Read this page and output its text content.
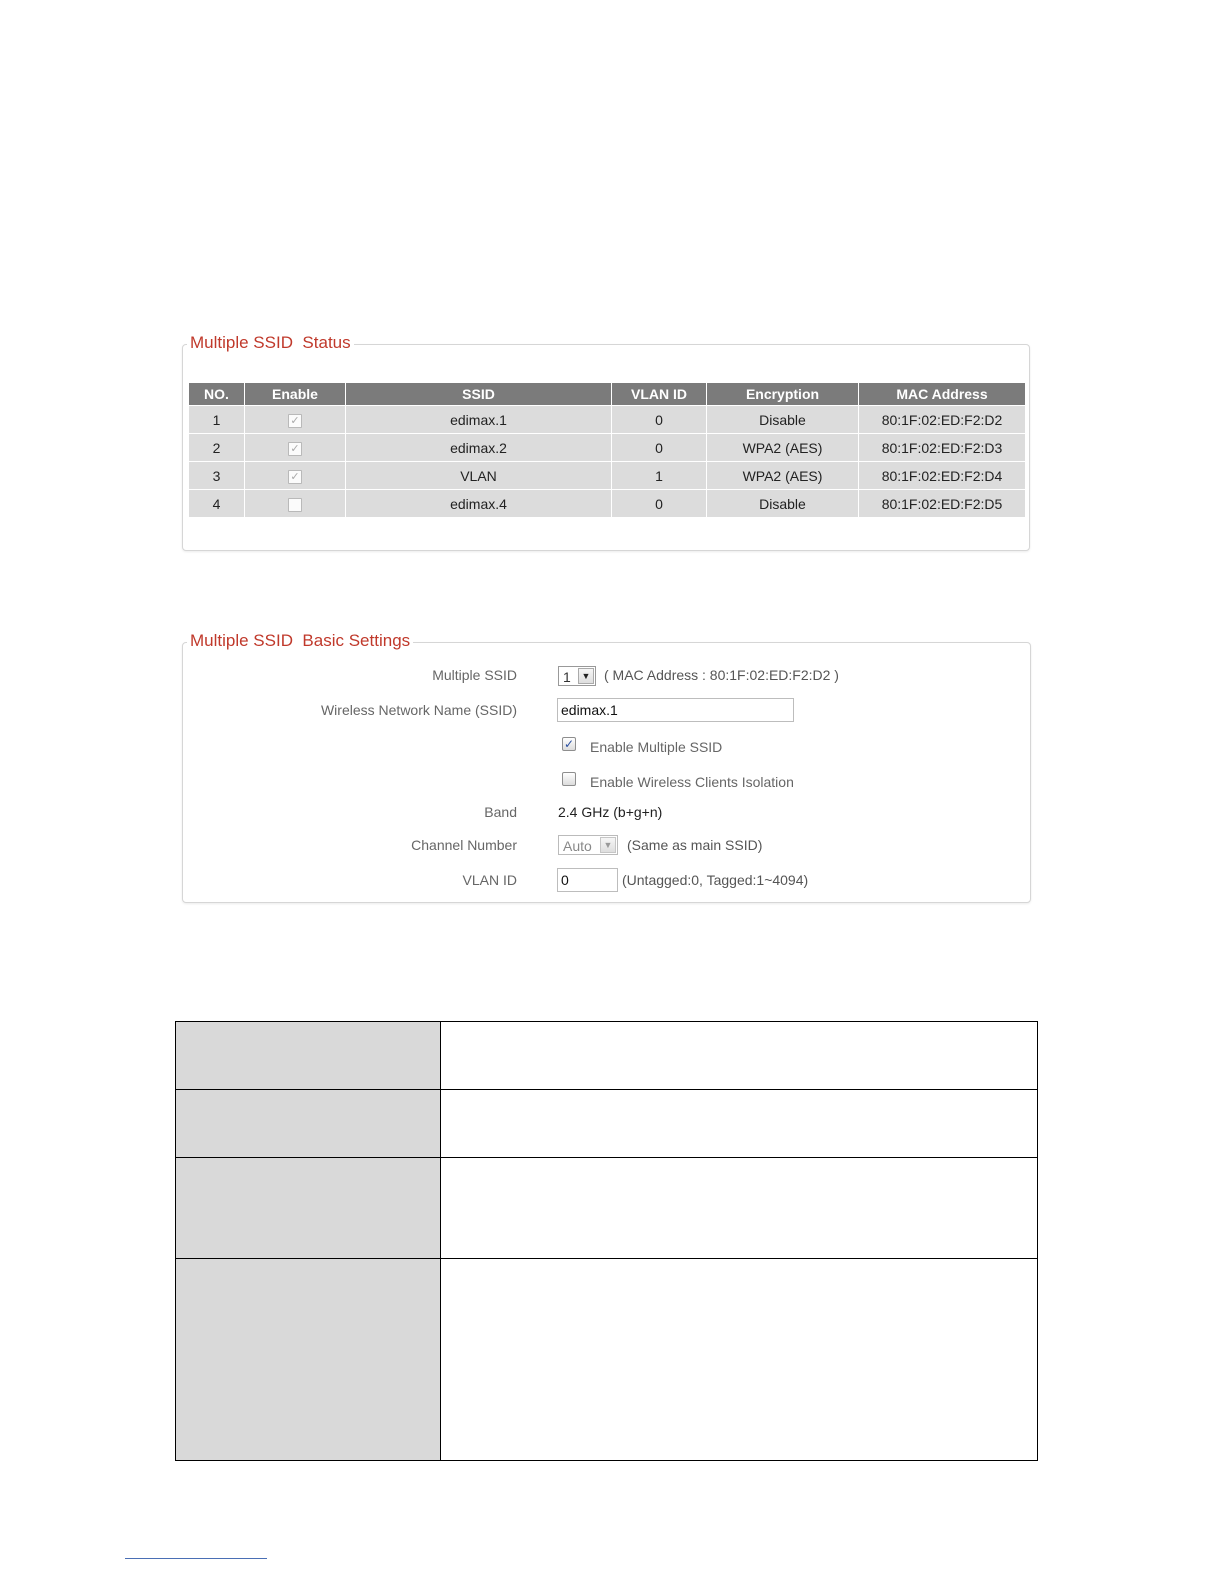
Multiple SSID  Status
NO.	Enable	SSID	VLAN ID	Encryption	MAC Address
1	✓	edimax.1	0	Disable	80:1F:02:ED:F2:D2
2	✓	edimax.2	0	WPA2 (AES)	80:1F:02:ED:F2:D3
3	✓	VLAN	1	WPA2 (AES)	80:1F:02:ED:F2:D4
4		edimax.4	0	Disable	80:1F:02:ED:F2:D5
Multiple SSID  Basic Settings
Multiple SSID	1	▼ ( MAC Address : 80:1F:02:ED:F2:D2 )
Wireless Network Name (SSID)	edimax.1
✓ Enable Multiple SSID
Enable Wireless Clients Isolation
Band	2.4 GHz (b+g+n)
Channel Number	Auto	▼ (Same as main SSID)
VLAN ID	0	(Untagged:0, Tagged:1~4094)
